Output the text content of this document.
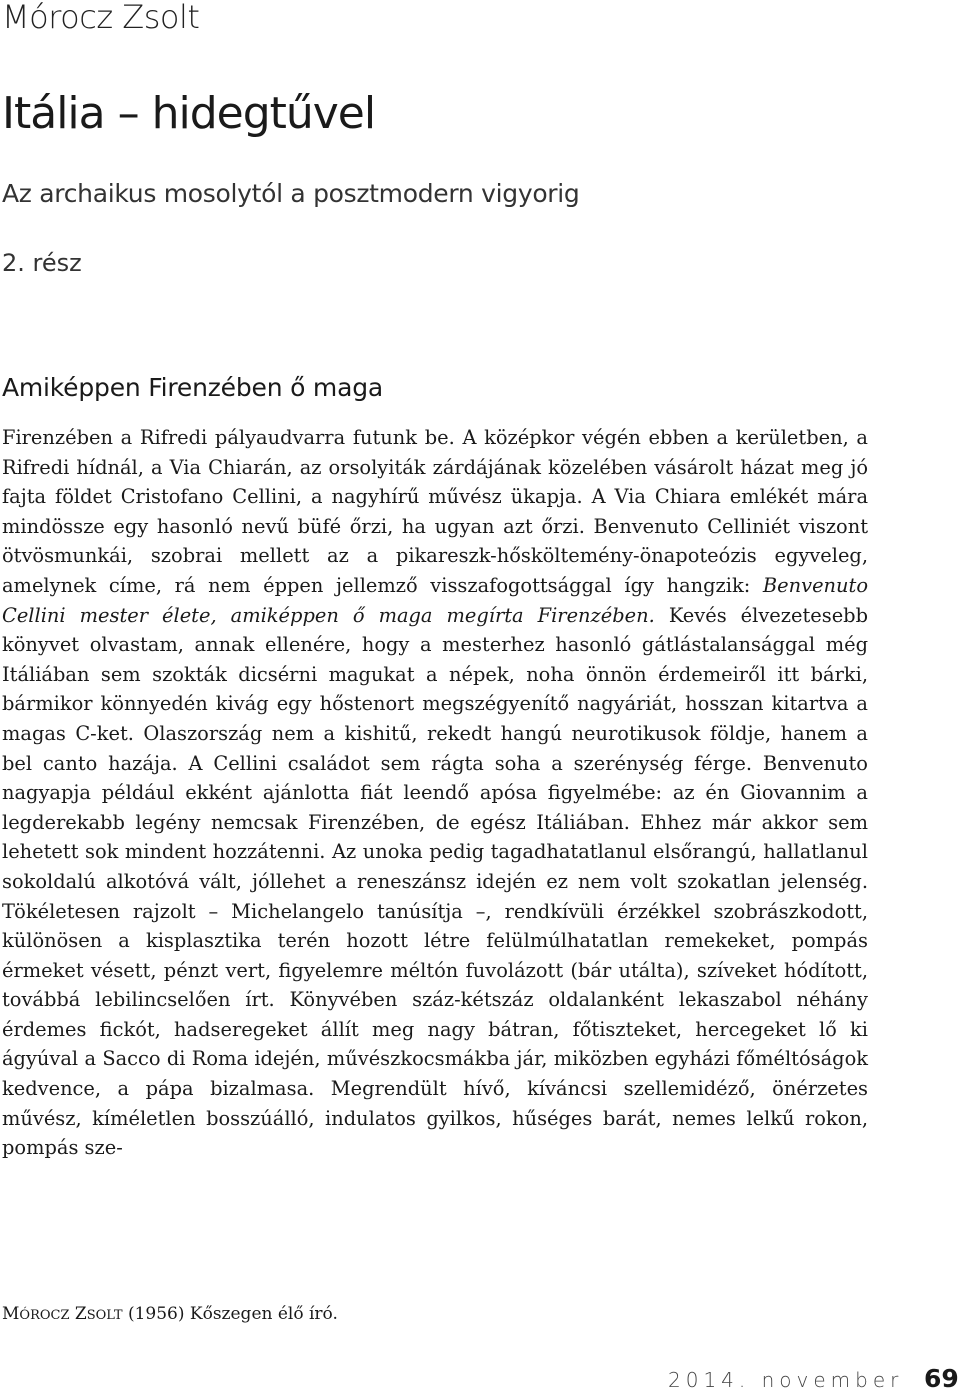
Mórocz Zsolt
Itália – hidegtűvel
Az archaikus mosolytól a posztmodern vigyorig
2. rész
Amiképpen Firenzében ő maga

Firenzében a Rifredi pályaudvarra futunk be. A középkor végén ebben a kerületben, a Rifredi hídnál, a Via Chiarán, az orsolyiták zárdájának közelében vásárolt házat meg jó fajta földet Cristofano Cellini, a nagyhírű művész ükapja. A Via Chiara emlékét mára mindössze egy hasonló nevű büfé őrzi, ha ugyan azt őrzi. Benvenuto Celliniét viszont ötvösmunkái, szobrai mellett az a pikareszk-hősköltemény-önapoteózis egyveleg, amelynek címe, rá nem éppen jellemző visszafogottsággal így hangzik: Benvenuto Cellini mester élete, amiképpen ő maga megírta Firenzében. Kevés élvezetesebb könyvet olvastam, annak ellenére, hogy a mesterhez hasonló gátlástalansággal még Itáliában sem szokták dicsérni magukat a népek, noha önnön érdemeiről itt bárki, bármikor könnyedén kivág egy hőstenort megszégyenítő nagyáriát, hosszan kitartva a magas C-ket. Olaszország nem a kishitű, rekedt hangú neurotikusok földje, hanem a bel canto hazája. A Cellini családot sem rágta soha a szerénység férge. Benvenuto nagyapja például ekként ajánlotta fiát leendő apósa figyelmébe: az én Giovannim a legderekabb legény nemcsak Firenzében, de egész Itáliában. Ehhez már akkor sem lehetett sok mindent hozzátenni. Az unoka pedig tagadhatatlanul elsőrangú, hallatlanul sokoldalú alkotóvá vált, jóllehet a reneszánsz idején ez nem volt szokatlan jelenség. Tökéletesen rajzolt – Michelangelo tanúsítja –, rendkívüli érzékkel szobrászkodott, különösen a kisplasztika terén hozott létre felülmúlhatatlan remekeket, pompás érmeket vésett, pénzt vert, figyelemre méltón fuvolázott (bár utálta), szíveket hódított, továbbá lebilincselően írt. Könyvében száz-kétszáz oldalanként lekaszabol néhány érdemes fickót, hadseregeket állít meg nagy bátran, főtiszteket, hercegeket lő ki ágyúval a Sacco di Roma idején, művészkocsmákba jár, miközben egyházi főméltóságok kedvence, a pápa bizalmasa. Megrendült hívő, kíváncsi szellemidéző, önérzetes művész, kíméletlen bosszúálló, indulatos gyilkos, hűséges barát, nemes lelkű rokon, pompás sze-

MÓROCZ ZSOLT (1956) Kőszegen élő író.
2014. november 69
